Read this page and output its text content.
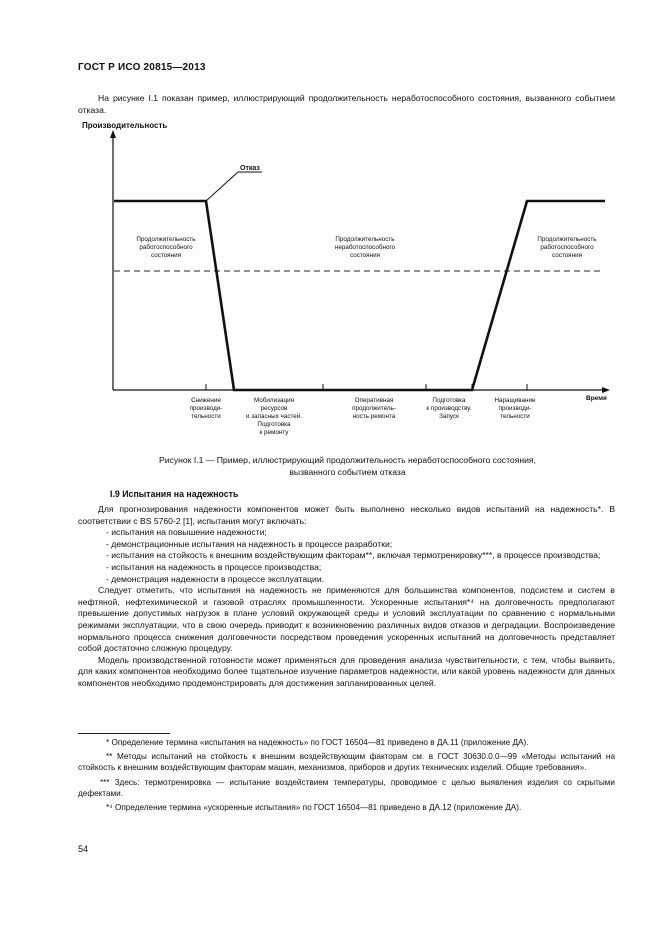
ГОСТ Р ИСО 20815—2013
На рисунке I.1 показан пример, иллюстрирующий продолжительность неработоспособного состояния, вызванного событием отказа.
Отказ
Производительность
Время
Продолжительность
работоспособного
состояния
Продолжительность
неработоспособного
состояния
Продолжительность
работоспособного
состояния
Снижение
производи-
тельности
Мобилизация
ресурсов
и запасных частей.
Подготовка
к ремонту
Оперативная
продолжитель-
ность ремонта
Подготовка
к производству.
Запуск
Наращивание
производи-
тельности
Рисунок I.1 — Пример, иллюстрирующий продолжительность неработоспособного состояния,
вызванного событием отказа
I.9 Испытания на надежность

Для прогнозирования надежности компонентов может быть выполнено несколько видов испытаний на надежность*. В соответствии с BS 5760-2 [1], испытания могут включать:

- испытания на повышение надежности;

- демонстрационные испытания на надежность в процессе разработки;

- испытания на стойкость к внешним воздействующим факторам**, включая термотренировку***, в процессе производства;

- испытания на надежность в процессе производства;

- демонстрация надежности в процессе эксплуатации.

Следует отметить, что испытания на надежность не применяются для большинства компонентов, подсистем и систем в нефтяной, нефтехимической и газовой отраслях промышленности. Ускоренные испытания*⁴ на долговечность предполагают превышение допустимых нагрузок в плане условий окружающей среды и условий эксплуатации по сравнению с нормальными режимами эксплуатации, что в свою очередь приводит к возникновению различных видов отказов и деградации. Воспроизведение нормального процесса снижения долговечности посредством проведения ускоренных испытаний на долговечность представляет собой достаточно сложную процедуру.

Модель производственной готовности может применяться для проведения анализа чувствительности, с тем, чтобы выявить, для каких компонентов необходимо более тщательное изучение параметров надежности, или какой уровень надежности для данных компонентов необходимо продемонстрировать для достижения запланированных целей.

* Определение термина «испытания на надежность» по ГОСТ 16504—81 приведено в ДА.11 (приложение ДА).

** Методы испытаний на стойкость к внешним воздействующим факторам см. в ГОСТ 30630.0.0—99 «Методы испытаний на стойкость к внешним воздействующим факторам машин, механизмов, приборов и других технических изделий. Общие требования».

*** Здесь: термотренировка — испытание воздействием температуры, проводимое с целью выявления изделия со скрытыми дефектами.

*⁴ Определение термина «ускоренные испытания» по ГОСТ 16504—81 приведено в ДА.12 (приложение ДА).

54
